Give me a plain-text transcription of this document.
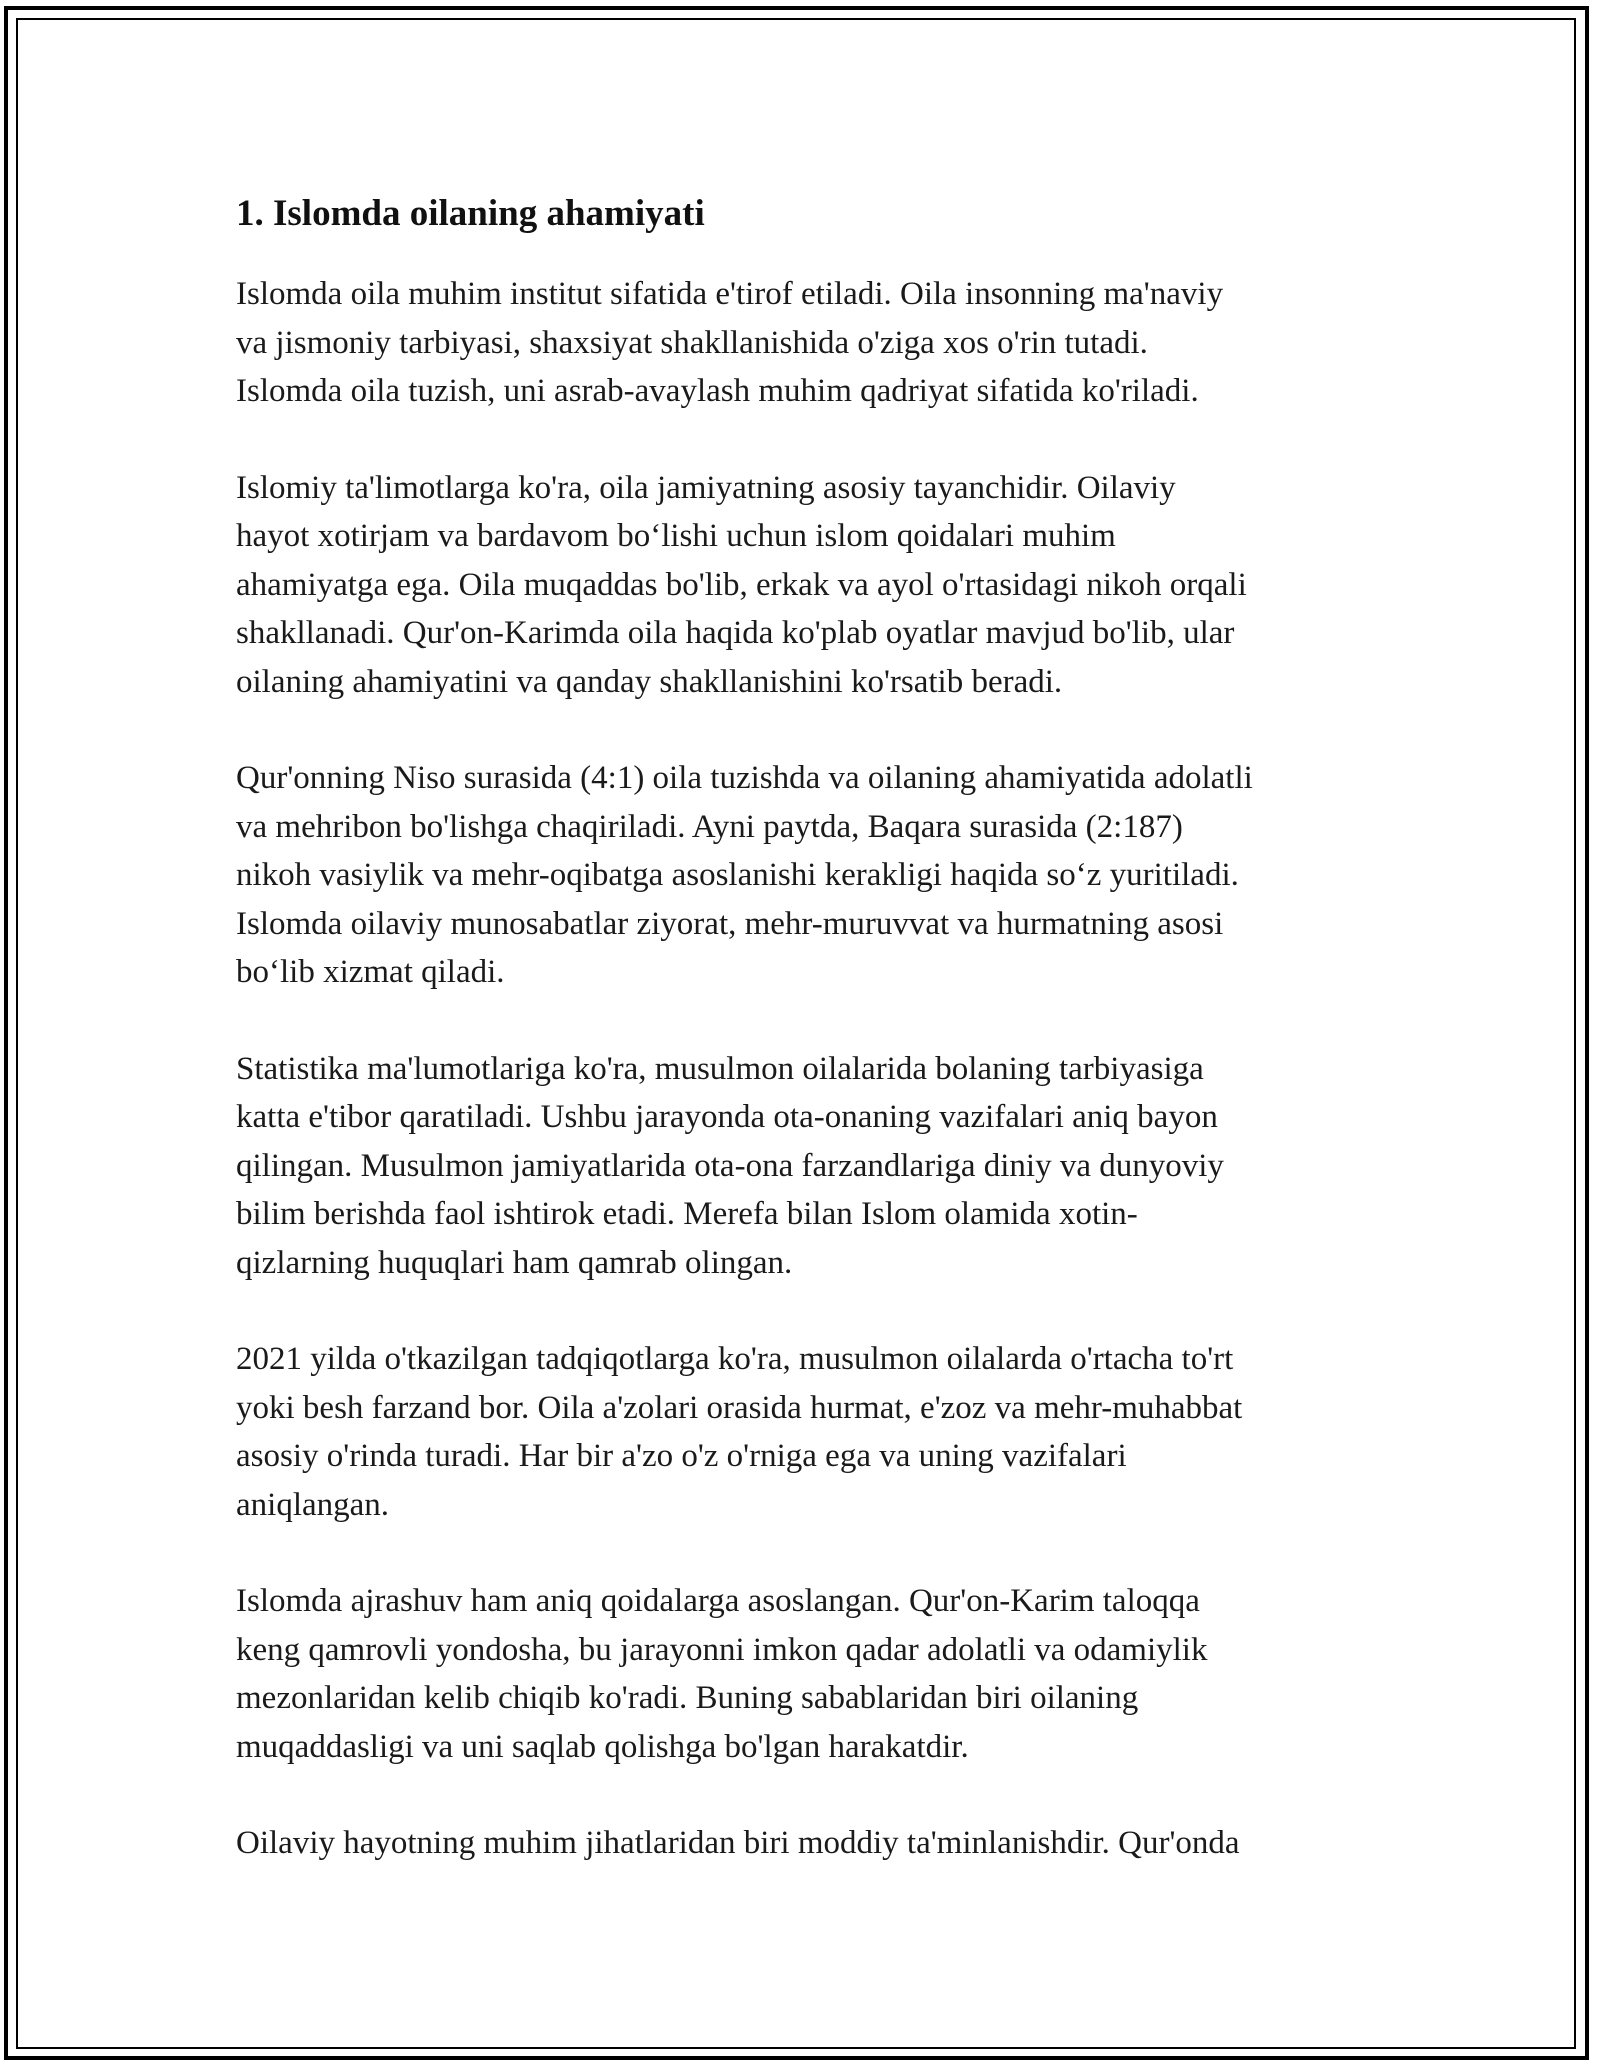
1. Islomda oilaning ahamiyati

Islomda oila muhim institut sifatida e'tirof etiladi. Oila insonning ma'naviy
va jismoniy tarbiyasi, shaxsiyat shakllanishida o'ziga xos o'rin tutadi.
Islomda oila tuzish, uni asrab-avaylash muhim qadriyat sifatida ko'riladi.

Islomiy ta'limotlarga ko'ra, oila jamiyatning asosiy tayanchidir. Oilaviy
hayot xotirjam va bardavom bo‘lishi uchun islom qoidalari muhim
ahamiyatga ega. Oila muqaddas bo'lib, erkak va ayol o'rtasidagi nikoh orqali
shakllanadi. Qur'on-Karimda oila haqida ko'plab oyatlar mavjud bo'lib, ular
oilaning ahamiyatini va qanday shakllanishini ko'rsatib beradi.

Qur'onning Niso surasida (4:1) oila tuzishda va oilaning ahamiyatida adolatli
va mehribon bo'lishga chaqiriladi. Ayni paytda, Baqara surasida (2:187)
nikoh vasiylik va mehr-oqibatga asoslanishi kerakligi haqida so‘z yuritiladi.
Islomda oilaviy munosabatlar ziyorat, mehr-muruvvat va hurmatning asosi
bo‘lib xizmat qiladi.

Statistika ma'lumotlariga ko'ra, musulmon oilalarida bolaning tarbiyasiga
katta e'tibor qaratiladi. Ushbu jarayonda ota-onaning vazifalari aniq bayon
qilingan. Musulmon jamiyatlarida ota-ona farzandlariga diniy va dunyoviy
bilim berishda faol ishtirok etadi. Merefa bilan Islom olamida xotin-
qizlarning huquqlari ham qamrab olingan.

2021 yilda o'tkazilgan tadqiqotlarga ko'ra, musulmon oilalarda o'rtacha to'rt
yoki besh farzand bor. Oila a'zolari orasida hurmat, e'zoz va mehr-muhabbat
asosiy o'rinda turadi. Har bir a'zo o'z o'rniga ega va uning vazifalari
aniqlangan.

Islomda ajrashuv ham aniq qoidalarga asoslangan. Qur'on-Karim taloqqa
keng qamrovli yondosha, bu jarayonni imkon qadar adolatli va odamiylik
mezonlaridan kelib chiqib ko'radi. Buning sabablaridan biri oilaning
muqaddasligi va uni saqlab qolishga bo'lgan harakatdir.

Oilaviy hayotning muhim jihatlaridan biri moddiy ta'minlanishdir. Qur'onda
